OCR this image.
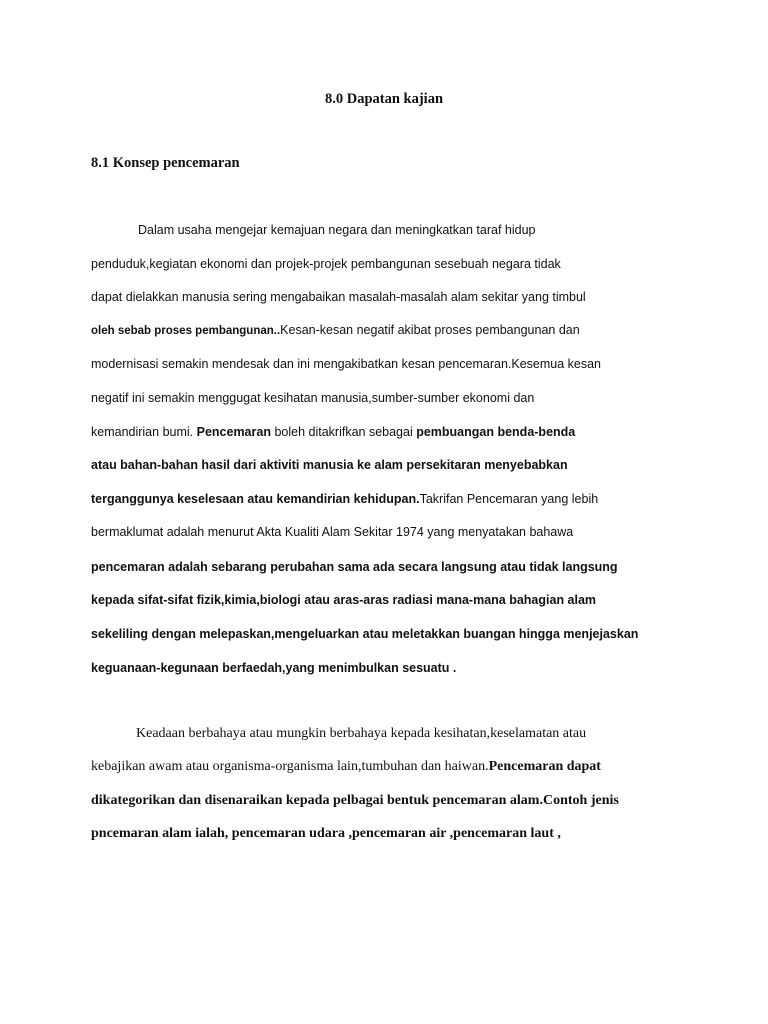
8.0 Dapatan kajian
8.1 Konsep pencemaran

Dalam usaha mengejar kemajuan negara dan meningkatkan taraf hidup

penduduk,kegiatan ekonomi dan projek-projek pembangunan sesebuah negara tidak

dapat dielakkan manusia sering mengabaikan masalah-masalah alam sekitar yang timbul

oleh sebab proses pembangunan..Kesan-kesan negatif akibat proses pembangunan dan

modernisasi semakin mendesak dan ini mengakibatkan kesan pencemaran.Kesemua kesan

negatif ini semakin menggugat kesihatan manusia,sumber-sumber ekonomi dan

kemandirian bumi. Pencemaran boleh ditakrifkan sebagai pembuangan benda-benda

atau bahan-bahan hasil dari aktiviti manusia ke alam persekitaran menyebabkan

terganggunya keselesaan atau kemandirian kehidupan.Takrifan Pencemaran yang lebih

bermaklumat adalah menurut Akta Kualiti Alam Sekitar 1974 yang menyatakan bahawa

pencemaran adalah sebarang perubahan sama ada secara langsung atau tidak langsung

kepada sifat-sifat fizik,kimia,biologi atau aras-aras radiasi mana-mana bahagian alam

sekeliling dengan melepaskan,mengeluarkan atau meletakkan buangan hingga menjejaskan

keguanaan-kegunaan berfaedah,yang menimbulkan sesuatu .

Keadaan berbahaya atau mungkin berbahaya kepada kesihatan,keselamatan atau

kebajikan awam atau organisma-organisma lain,tumbuhan dan haiwan.Pencemaran dapat

dikategorikan dan disenaraikan kepada pelbagai bentuk pencemaran alam.Contoh jenis

pncemaran alam ialah, pencemaran udara ,pencemaran air ,pencemaran laut ,
